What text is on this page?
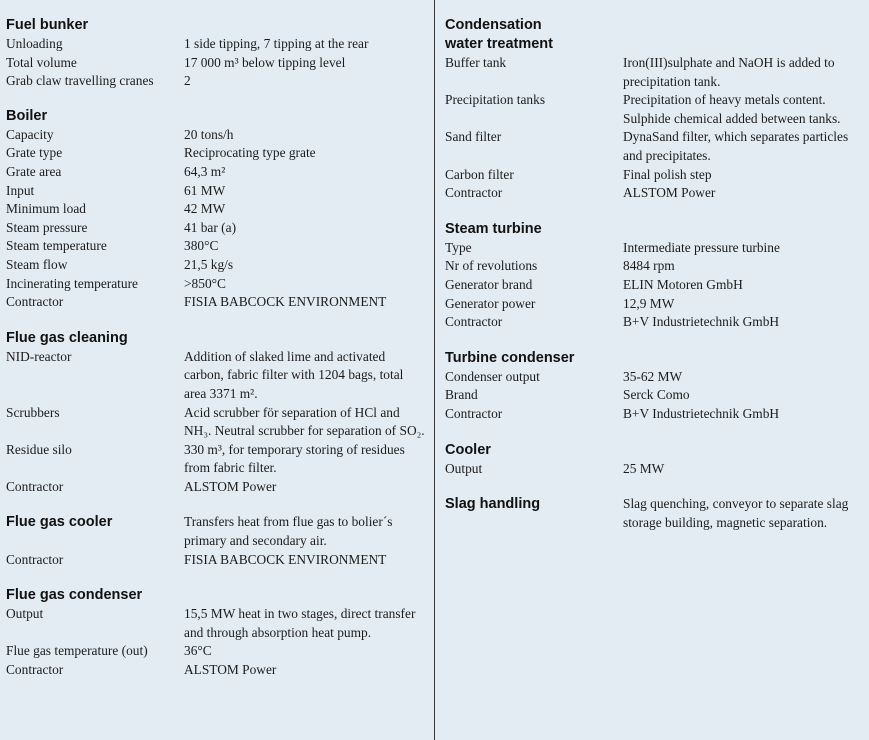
Fuel bunker
Unloading	1 side tipping, 7 tipping at the rear
Total volume	17 000 m³ below tipping level
Grab claw travelling cranes	2
Boiler
Capacity	20 tons/h
Grate type	Reciprocating type grate
Grate area	64,3 m²
Input	61 MW
Minimum load	42 MW
Steam pressure	41 bar (a)
Steam temperature	380°C
Steam flow	21,5 kg/s
Incinerating temperature	>850°C
Contractor	FISIA BABCOCK ENVIRONMENT
Flue gas cleaning
NID-reactor	Addition of slaked lime and activated carbon, fabric filter with 1204 bags, total area 3371 m².
Scrubbers	Acid scrubber för separation of HCl and NH₃. Neutral scrubber for separation of SO₂.
Residue silo	330 m³, for temporary storing of residues from fabric filter.
Contractor	ALSTOM Power
Flue gas cooler	Transfers heat from flue gas to bolier´s primary and secondary air.
Contractor	FISIA BABCOCK ENVIRONMENT
Flue gas condenser
Output	15,5 MW heat in two stages, direct transfer and through absorption heat pump.
Flue gas temperature (out)	36°C
Contractor	ALSTOM Power
Condensation
water treatment
Buffer tank	Iron(III)sulphate and NaOH is added to precipitation tank.
Precipitation tanks	Precipitation of heavy metals content. Sulphide chemical added between tanks.
Sand filter	DynaSand filter, which separates particles and precipitates.
Carbon filter	Final polish step
Contractor	ALSTOM Power
Steam turbine
Type	Intermediate pressure turbine
Nr of revolutions	8484 rpm
Generator brand	ELIN Motoren GmbH
Generator power	12,9 MW
Contractor	B+V Industrietechnik GmbH
Turbine condenser
Condenser output	35-62 MW
Brand	Serck Como
Contractor	B+V Industrietechnik GmbH
Cooler
Output	25 MW
Slag handling	Slag quenching, conveyor to separate slag storage building, magnetic separation.
